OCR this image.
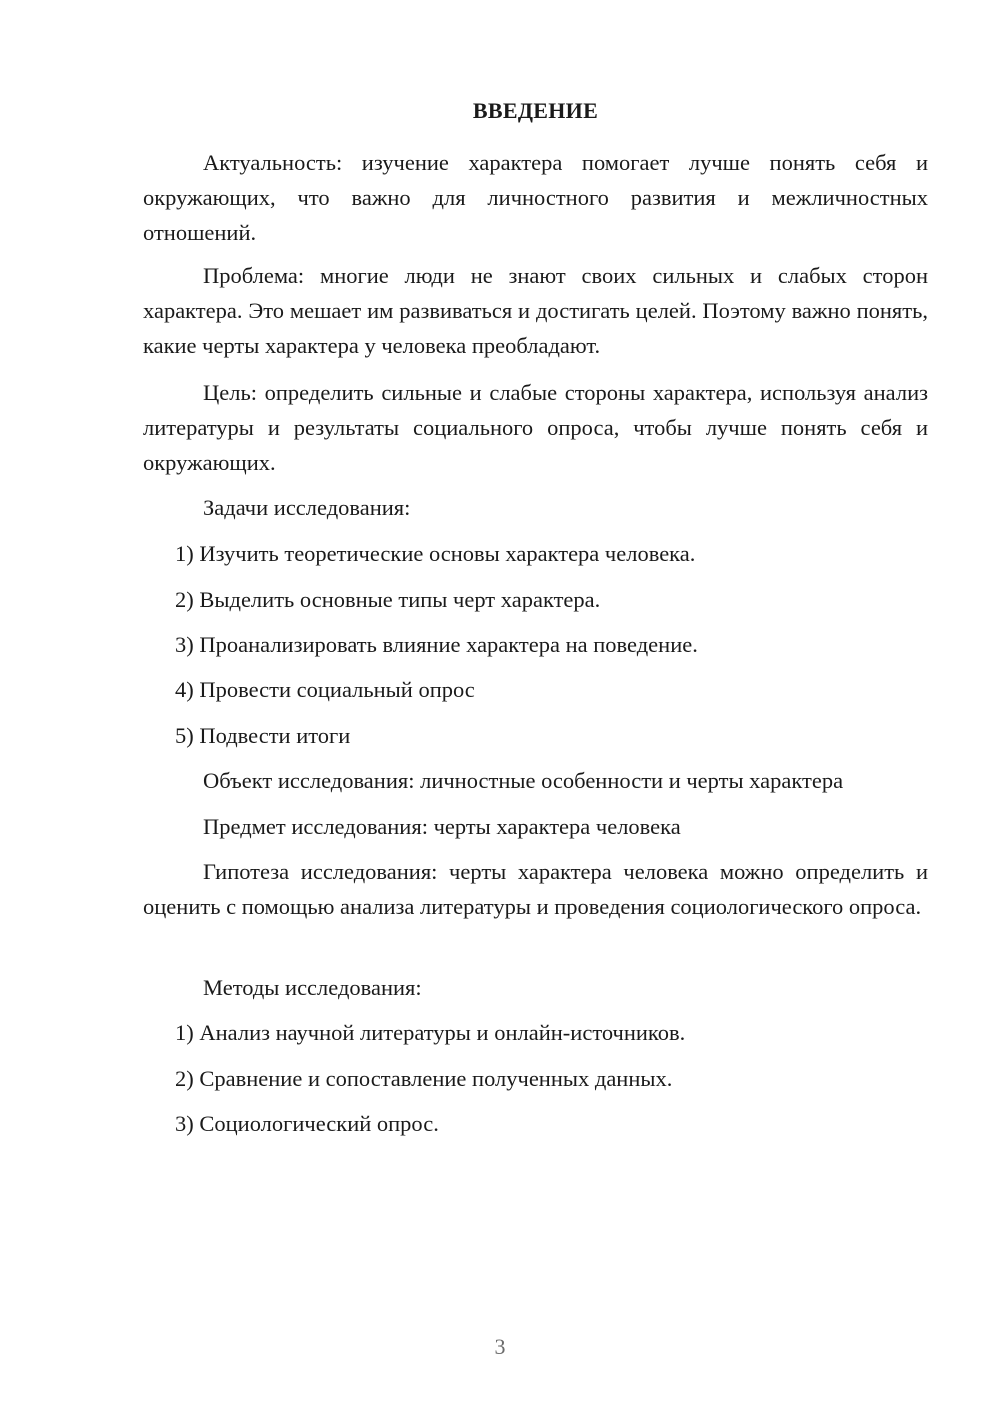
ВВЕДЕНИЕ
Актуальность: изучение характера помогает лучше понять себя и окружающих, что важно для личностного развития и межличностных отношений.
Проблема: многие люди не знают своих сильных и слабых сторон характера. Это мешает им развиваться и достигать целей. Поэтому важно понять, какие черты характера у человека преобладают.
Цель: определить сильные и слабые стороны характера, используя анализ литературы и результаты социального опроса, чтобы лучше понять себя и окружающих.
Задачи исследования:
1) Изучить теоретические основы характера человека.
2) Выделить основные типы черт характера.
3) Проанализировать влияние характера на поведение.
4) Провести социальный опрос
5) Подвести итоги
Объект исследования: личностные особенности и черты характера
Предмет исследования: черты характера человека
Гипотеза исследования: черты характера человека можно определить и оценить с помощью анализа литературы и проведения социологического опроса.
Методы исследования:
1) Анализ научной литературы и онлайн-источников.
2) Сравнение и сопоставление полученных данных.
3) Социологический опрос.
3
